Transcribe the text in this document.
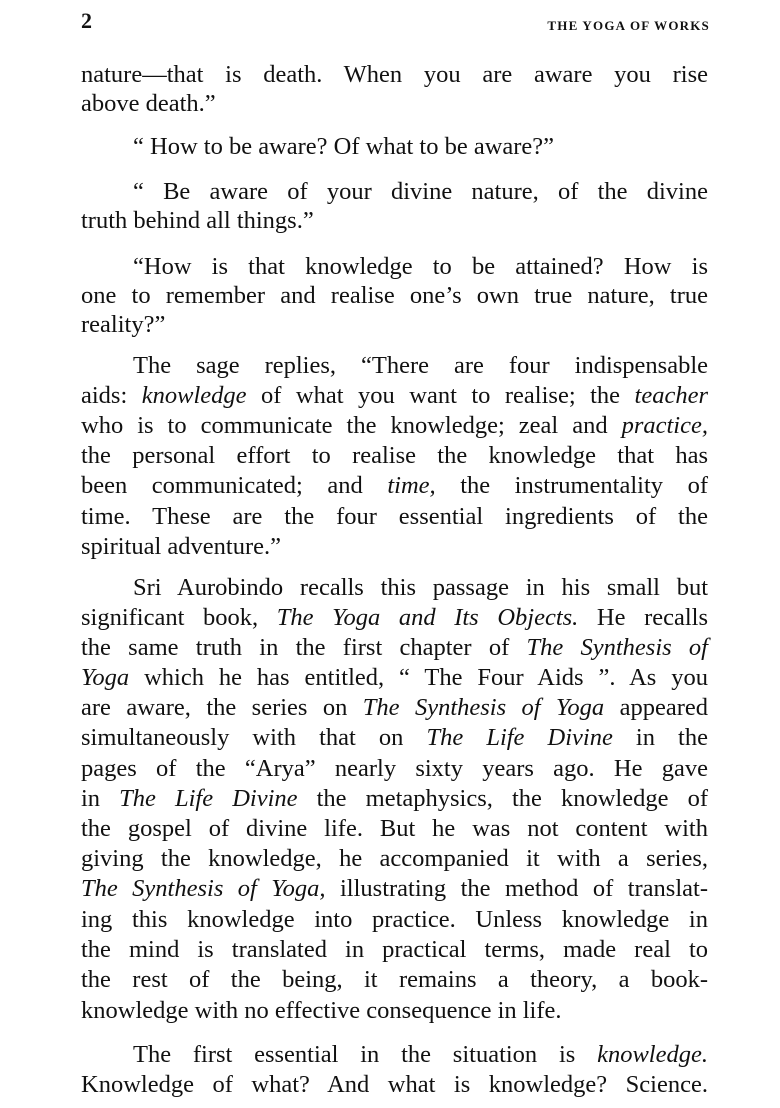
2	THE YOGA OF WORKS
nature—that is death. When you are aware you rise
above death.”
“ How to be aware? Of what to be aware?”
“ Be aware of your divine nature, of the divine
truth behind all things.”
“How is that knowledge to be attained? How is
one to remember and realise one’s own true nature, true
reality?”
The sage replies, “There are four indispensable
aids: knowledge of what you want to realise; the teacher
who is to communicate the knowledge; zeal and practice,
the personal effort to realise the knowledge that has
been communicated; and time, the instrumentality of
time. These are the four essential ingredients of the
spiritual adventure.”
Sri Aurobindo recalls this passage in his small but
significant book, The Yoga and Its Objects. He recalls
the same truth in the first chapter of The Synthesis of
Yoga which he has entitled, “ The Four Aids ”. As you
are aware, the series on The Synthesis of Yoga appeared
simultaneously with that on The Life Divine in the
pages of the “Arya” nearly sixty years ago. He gave
in The Life Divine the metaphysics, the knowledge of
the gospel of divine life. But he was not content with
giving the knowledge, he accompanied it with a series,
The Synthesis of Yoga, illustrating the method of translat-
ing this knowledge into practice. Unless knowledge in
the mind is translated in practical terms, made real to
the rest of the being, it remains a theory, a book-
knowledge with no effective consequence in life.
The first essential in the situation is knowledge.
Knowledge of what? And what is knowledge? Science.
